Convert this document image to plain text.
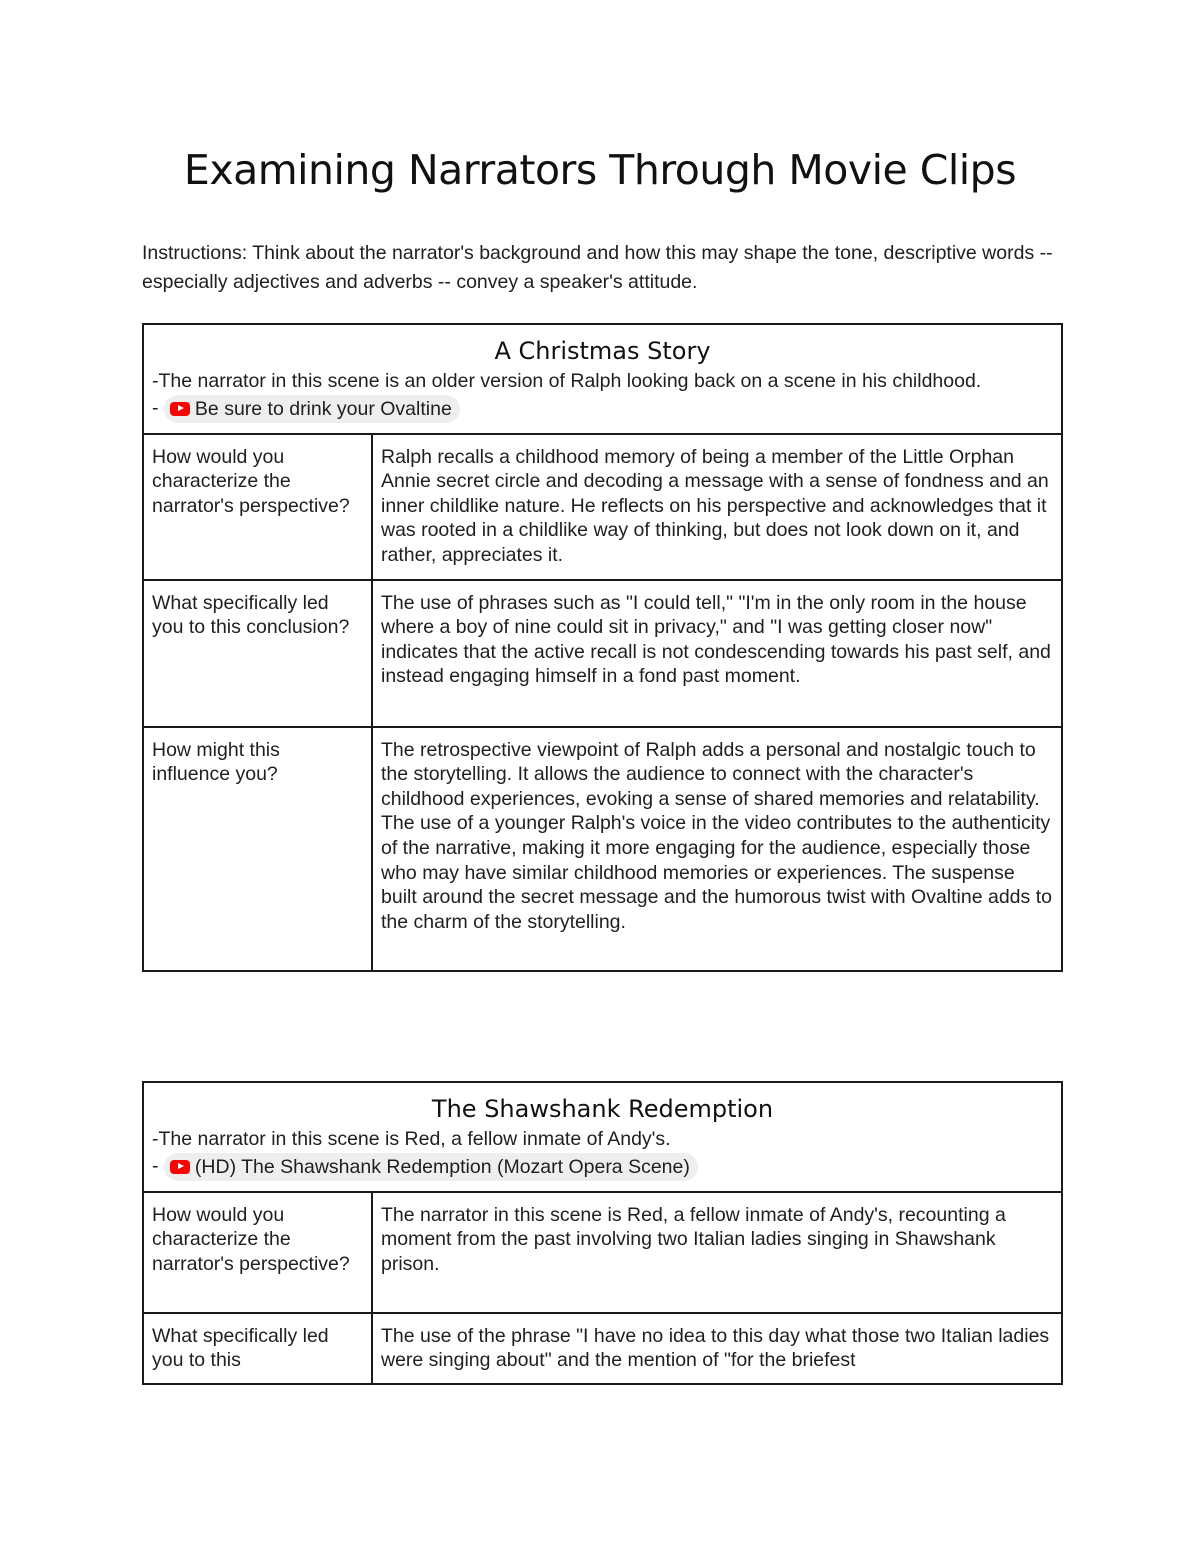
Examining Narrators Through Movie Clips

Instructions: Think about the narrator's background and how this may shape the tone, descriptive words -- especially adjectives and adverbs -- convey a speaker's attitude.

A Christmas Story
-The narrator in this scene is an older version of Ralph looking back on a scene in his childhood.
- Be sure to drink your Ovaltine	

How would you characterize the narrator's perspective?	Ralph recalls a childhood memory of being a member of the Little Orphan Annie secret circle and decoding a message with a sense of fondness and an inner childlike nature. He reflects on his perspective and acknowledges that it was rooted in a childlike way of thinking, but does not look down on it, and rather, appreciates it.
What specifically led you to this conclusion?	The use of phrases such as "I could tell," "I'm in the only room in the house where a boy of nine could sit in privacy," and "I was getting closer now" indicates that the active recall is not condescending towards his past self, and instead engaging himself in a fond past moment.
How might this influence you?	The retrospective viewpoint of Ralph adds a personal and nostalgic touch to the storytelling. It allows the audience to connect with the character's childhood experiences, evoking a sense of shared memories and relatability. The use of a younger Ralph's voice in the video contributes to the authenticity of the narrative, making it more engaging for the audience, especially those who may have similar childhood memories or experiences. The suspense built around the secret message and the humorous twist with Ovaltine adds to the charm of the storytelling.
The Shawshank Redemption
-The narrator in this scene is Red, a fellow inmate of Andy's.
- (HD) The Shawshank Redemption (Mozart Opera Scene)	

How would you characterize the narrator's perspective?	The narrator in this scene is Red, a fellow inmate of Andy's, recounting a moment from the past involving two Italian ladies singing in Shawshank prison.
What specifically led you to this	The use of the phrase "I have no idea to this day what those two Italian ladies were singing about" and the mention of "for the briefest
